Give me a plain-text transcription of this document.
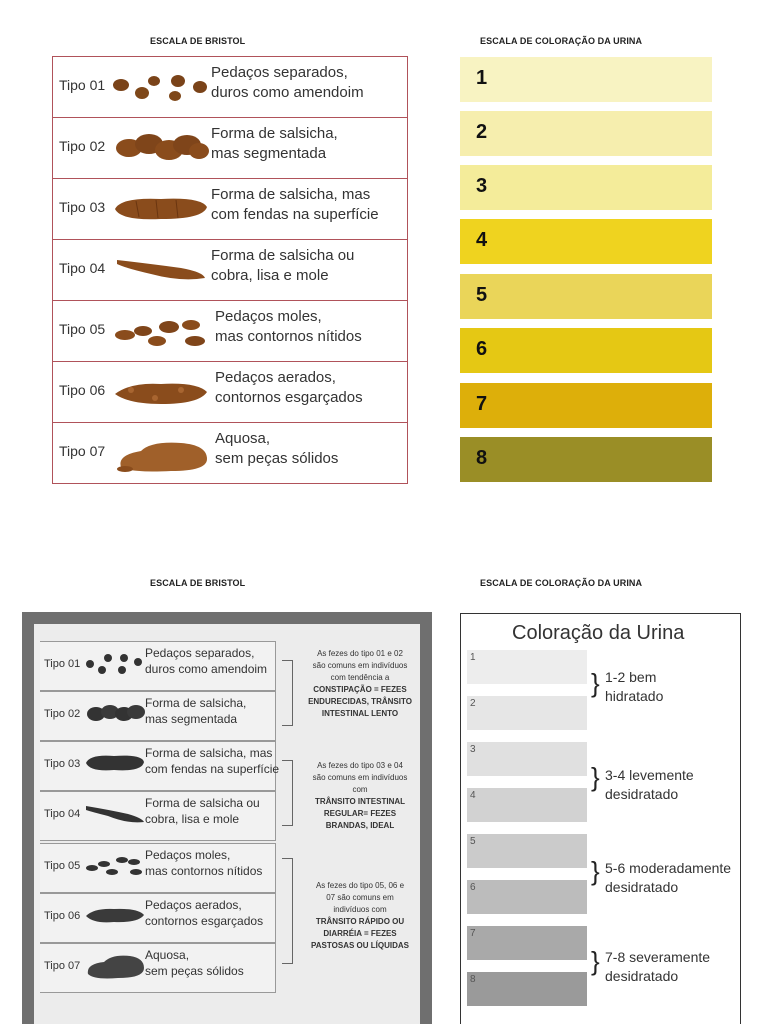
ESCALA DE BRISTOL	ESCALA DE COLORAÇÃO DA URINA
Tipo 01
Pedaços separados,
duros como amendoim
Tipo 02
Forma de salsicha,
mas segmentada
Tipo 03
Forma de salsicha, mas
com fendas na superfície
Tipo 04
Forma de salsicha ou
cobra, lisa e mole
Tipo 05
Pedaços moles,
mas contornos nítidos
Tipo 06
Pedaços aerados,
contornos esgarçados
Tipo 07
Aquosa,
sem peças sólidos
1
2
3
4
5
6
7
8
ESCALA DE BRISTOL	ESCALA DE COLORAÇÃO DA URINA
Tipo 01
Pedaços separados,
duros como amendoim
Tipo 02
Forma de salsicha,
mas segmentada
Tipo 03
Forma de salsicha, mas
com fendas na superfície
Tipo 04
Forma de salsicha ou
cobra, lisa e mole
Tipo 05
Pedaços moles,
mas contornos nítidos
Tipo 06
Pedaços aerados,
contornos esgarçados
Tipo 07
Aquosa,
sem peças sólidos
As fezes do tipo 01 e 02
são comuns em indivíduos
com tendência a
CONSTIPAÇÃO = FEZES
ENDURECIDAS, TRÂNSITO
INTESTINAL LENTO
As fezes do tipo 03 e 04
são comuns em indivíduos
com
TRÂNSITO INTESTINAL
REGULAR= FEZES
BRANDAS, IDEAL
As fezes do tipo 05, 06 e
07 são comuns em
indivíduos com
TRÂNSITO RÁPIDO OU
DIARRÉIA = FEZES
PASTOSAS OU LÍQUIDAS
Coloração da Urina
1
2
3
4
5
6
7
8
} 1-2 bem
hidratado
} 3-4 levemente
desidratado
} 5-6 moderadamente
desidratado
} 7-8 severamente
desidratado
